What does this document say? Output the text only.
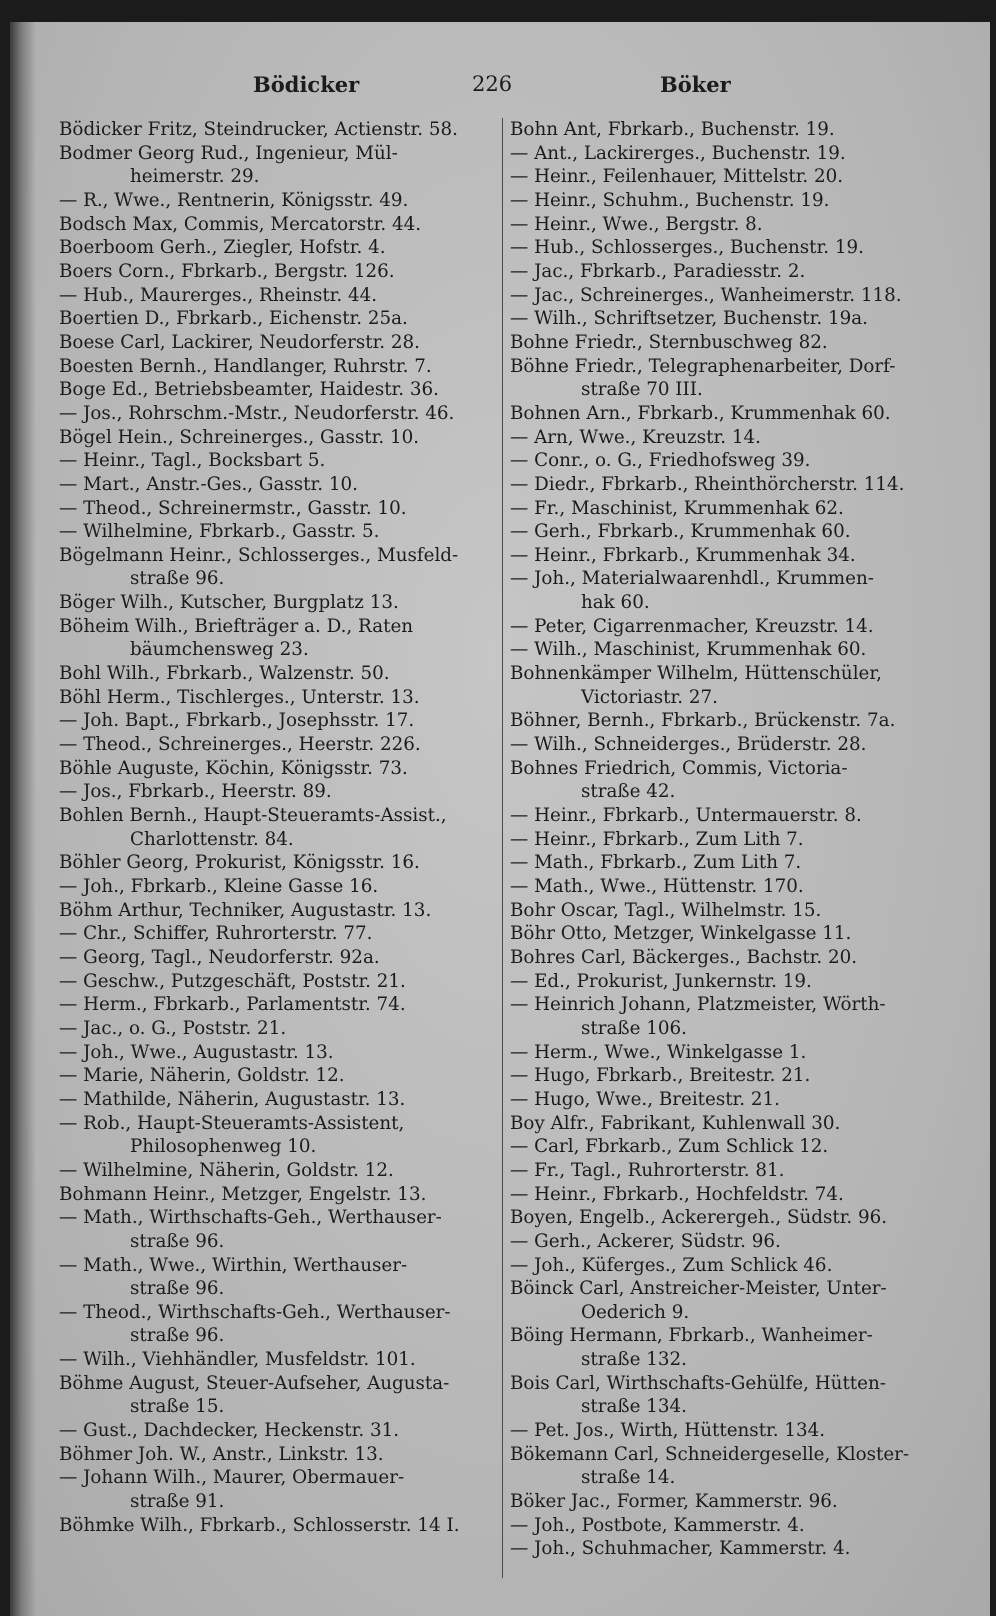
Bödicker	226	Böker
Bödicker Fritz, Steindrucker, Actienstr. 58.
Bodmer Georg Rud., Ingenieur, Mül-
heimerstr. 29.
— R., Wwe., Rentnerin, Königsstr. 49.
Bodsch Max, Commis, Mercatorstr. 44.
Boerboom Gerh., Ziegler, Hofstr. 4.
Boers Corn., Fbrkarb., Bergstr. 126.
— Hub., Maurerges., Rheinstr. 44.
Boertien D., Fbrkarb., Eichenstr. 25a.
Boese Carl, Lackirer, Neudorferstr. 28.
Boesten Bernh., Handlanger, Ruhrstr. 7.
Boge Ed., Betriebsbeamter, Haidestr. 36.
— Jos., Rohrschm.-Mstr., Neudorferstr. 46.
Bögel Hein., Schreinerges., Gasstr. 10.
— Heinr., Tagl., Bocksbart 5.
— Mart., Anstr.-Ges., Gasstr. 10.
— Theod., Schreinermstr., Gasstr. 10.
— Wilhelmine, Fbrkarb., Gasstr. 5.
Bögelmann Heinr., Schlosserges., Musfeld-
straße 96.
Böger Wilh., Kutscher, Burgplatz 13.
Böheim Wilh., Briefträger a. D., Raten
bäumchensweg 23.
Bohl Wilh., Fbrkarb., Walzenstr. 50.
Böhl Herm., Tischlerges., Unterstr. 13.
— Joh. Bapt., Fbrkarb., Josephsstr. 17.
— Theod., Schreinerges., Heerstr. 226.
Böhle Auguste, Köchin, Königsstr. 73.
— Jos., Fbrkarb., Heerstr. 89.
Bohlen Bernh., Haupt-Steueramts-Assist.,
Charlottenstr. 84.
Böhler Georg, Prokurist, Königsstr. 16.
— Joh., Fbrkarb., Kleine Gasse 16.
Böhm Arthur, Techniker, Augustastr. 13.
— Chr., Schiffer, Ruhrorterstr. 77.
— Georg, Tagl., Neudorferstr. 92a.
— Geschw., Putzgeschäft, Poststr. 21.
— Herm., Fbrkarb., Parlamentstr. 74.
— Jac., o. G., Poststr. 21.
— Joh., Wwe., Augustastr. 13.
— Marie, Näherin, Goldstr. 12.
— Mathilde, Näherin, Augustastr. 13.
— Rob., Haupt-Steueramts-Assistent,
Philosophenweg 10.
— Wilhelmine, Näherin, Goldstr. 12.
Bohmann Heinr., Metzger, Engelstr. 13.
— Math., Wirthschafts-Geh., Werthauser-
straße 96.
— Math., Wwe., Wirthin, Werthauser-
straße 96.
— Theod., Wirthschafts-Geh., Werthauser-
straße 96.
— Wilh., Viehhändler, Musfeldstr. 101.
Böhme August, Steuer-Aufseher, Augusta-
straße 15.
— Gust., Dachdecker, Heckenstr. 31.
Böhmer Joh. W., Anstr., Linkstr. 13.
— Johann Wilh., Maurer, Obermauer-
straße 91.
Böhmke Wilh., Fbrkarb., Schlosserstr. 14 I.
Bohn Ant, Fbrkarb., Buchenstr. 19.
— Ant., Lackirerges., Buchenstr. 19.
— Heinr., Feilenhauer, Mittelstr. 20.
— Heinr., Schuhm., Buchenstr. 19.
— Heinr., Wwe., Bergstr. 8.
— Hub., Schlosserges., Buchenstr. 19.
— Jac., Fbrkarb., Paradiesstr. 2.
— Jac., Schreinerges., Wanheimerstr. 118.
— Wilh., Schriftsetzer, Buchenstr. 19a.
Bohne Friedr., Sternbuschweg 82.
Böhne Friedr., Telegraphenarbeiter, Dorf-
straße 70 III.
Bohnen Arn., Fbrkarb., Krummenhak 60.
— Arn, Wwe., Kreuzstr. 14.
— Conr., o. G., Friedhofsweg 39.
— Diedr., Fbrkarb., Rheinthörcherstr. 114.
— Fr., Maschinist, Krummenhak 62.
— Gerh., Fbrkarb., Krummenhak 60.
— Heinr., Fbrkarb., Krummenhak 34.
— Joh., Materialwaarenhdl., Krummen-
hak 60.
— Peter, Cigarrenmacher, Kreuzstr. 14.
— Wilh., Maschinist, Krummenhak 60.
Bohnenkämper Wilhelm, Hüttenschüler,
Victoriastr. 27.
Böhner, Bernh., Fbrkarb., Brückenstr. 7a.
— Wilh., Schneiderges., Brüderstr. 28.
Bohnes Friedrich, Commis, Victoria-
straße 42.
— Heinr., Fbrkarb., Untermauerstr. 8.
— Heinr., Fbrkarb., Zum Lith 7.
— Math., Fbrkarb., Zum Lith 7.
— Math., Wwe., Hüttenstr. 170.
Bohr Oscar, Tagl., Wilhelmstr. 15.
Böhr Otto, Metzger, Winkelgasse 11.
Bohres Carl, Bäckerges., Bachstr. 20.
— Ed., Prokurist, Junkernstr. 19.
— Heinrich Johann, Platzmeister, Wörth-
straße 106.
— Herm., Wwe., Winkelgasse 1.
— Hugo, Fbrkarb., Breitestr. 21.
— Hugo, Wwe., Breitestr. 21.
Boy Alfr., Fabrikant, Kuhlenwall 30.
— Carl, Fbrkarb., Zum Schlick 12.
— Fr., Tagl., Ruhrorterstr. 81.
— Heinr., Fbrkarb., Hochfeldstr. 74.
Boyen, Engelb., Ackerergeh., Südstr. 96.
— Gerh., Ackerer, Südstr. 96.
— Joh., Küferges., Zum Schlick 46.
Böinck Carl, Anstreicher-Meister, Unter-
Oederich 9.
Böing Hermann, Fbrkarb., Wanheimer-
straße 132.
Bois Carl, Wirthschafts-Gehülfe, Hütten-
straße 134.
— Pet. Jos., Wirth, Hüttenstr. 134.
Bökemann Carl, Schneidergeselle, Kloster-
straße 14.
Böker Jac., Former, Kammerstr. 96.
— Joh., Postbote, Kammerstr. 4.
— Joh., Schuhmacher, Kammerstr. 4.
